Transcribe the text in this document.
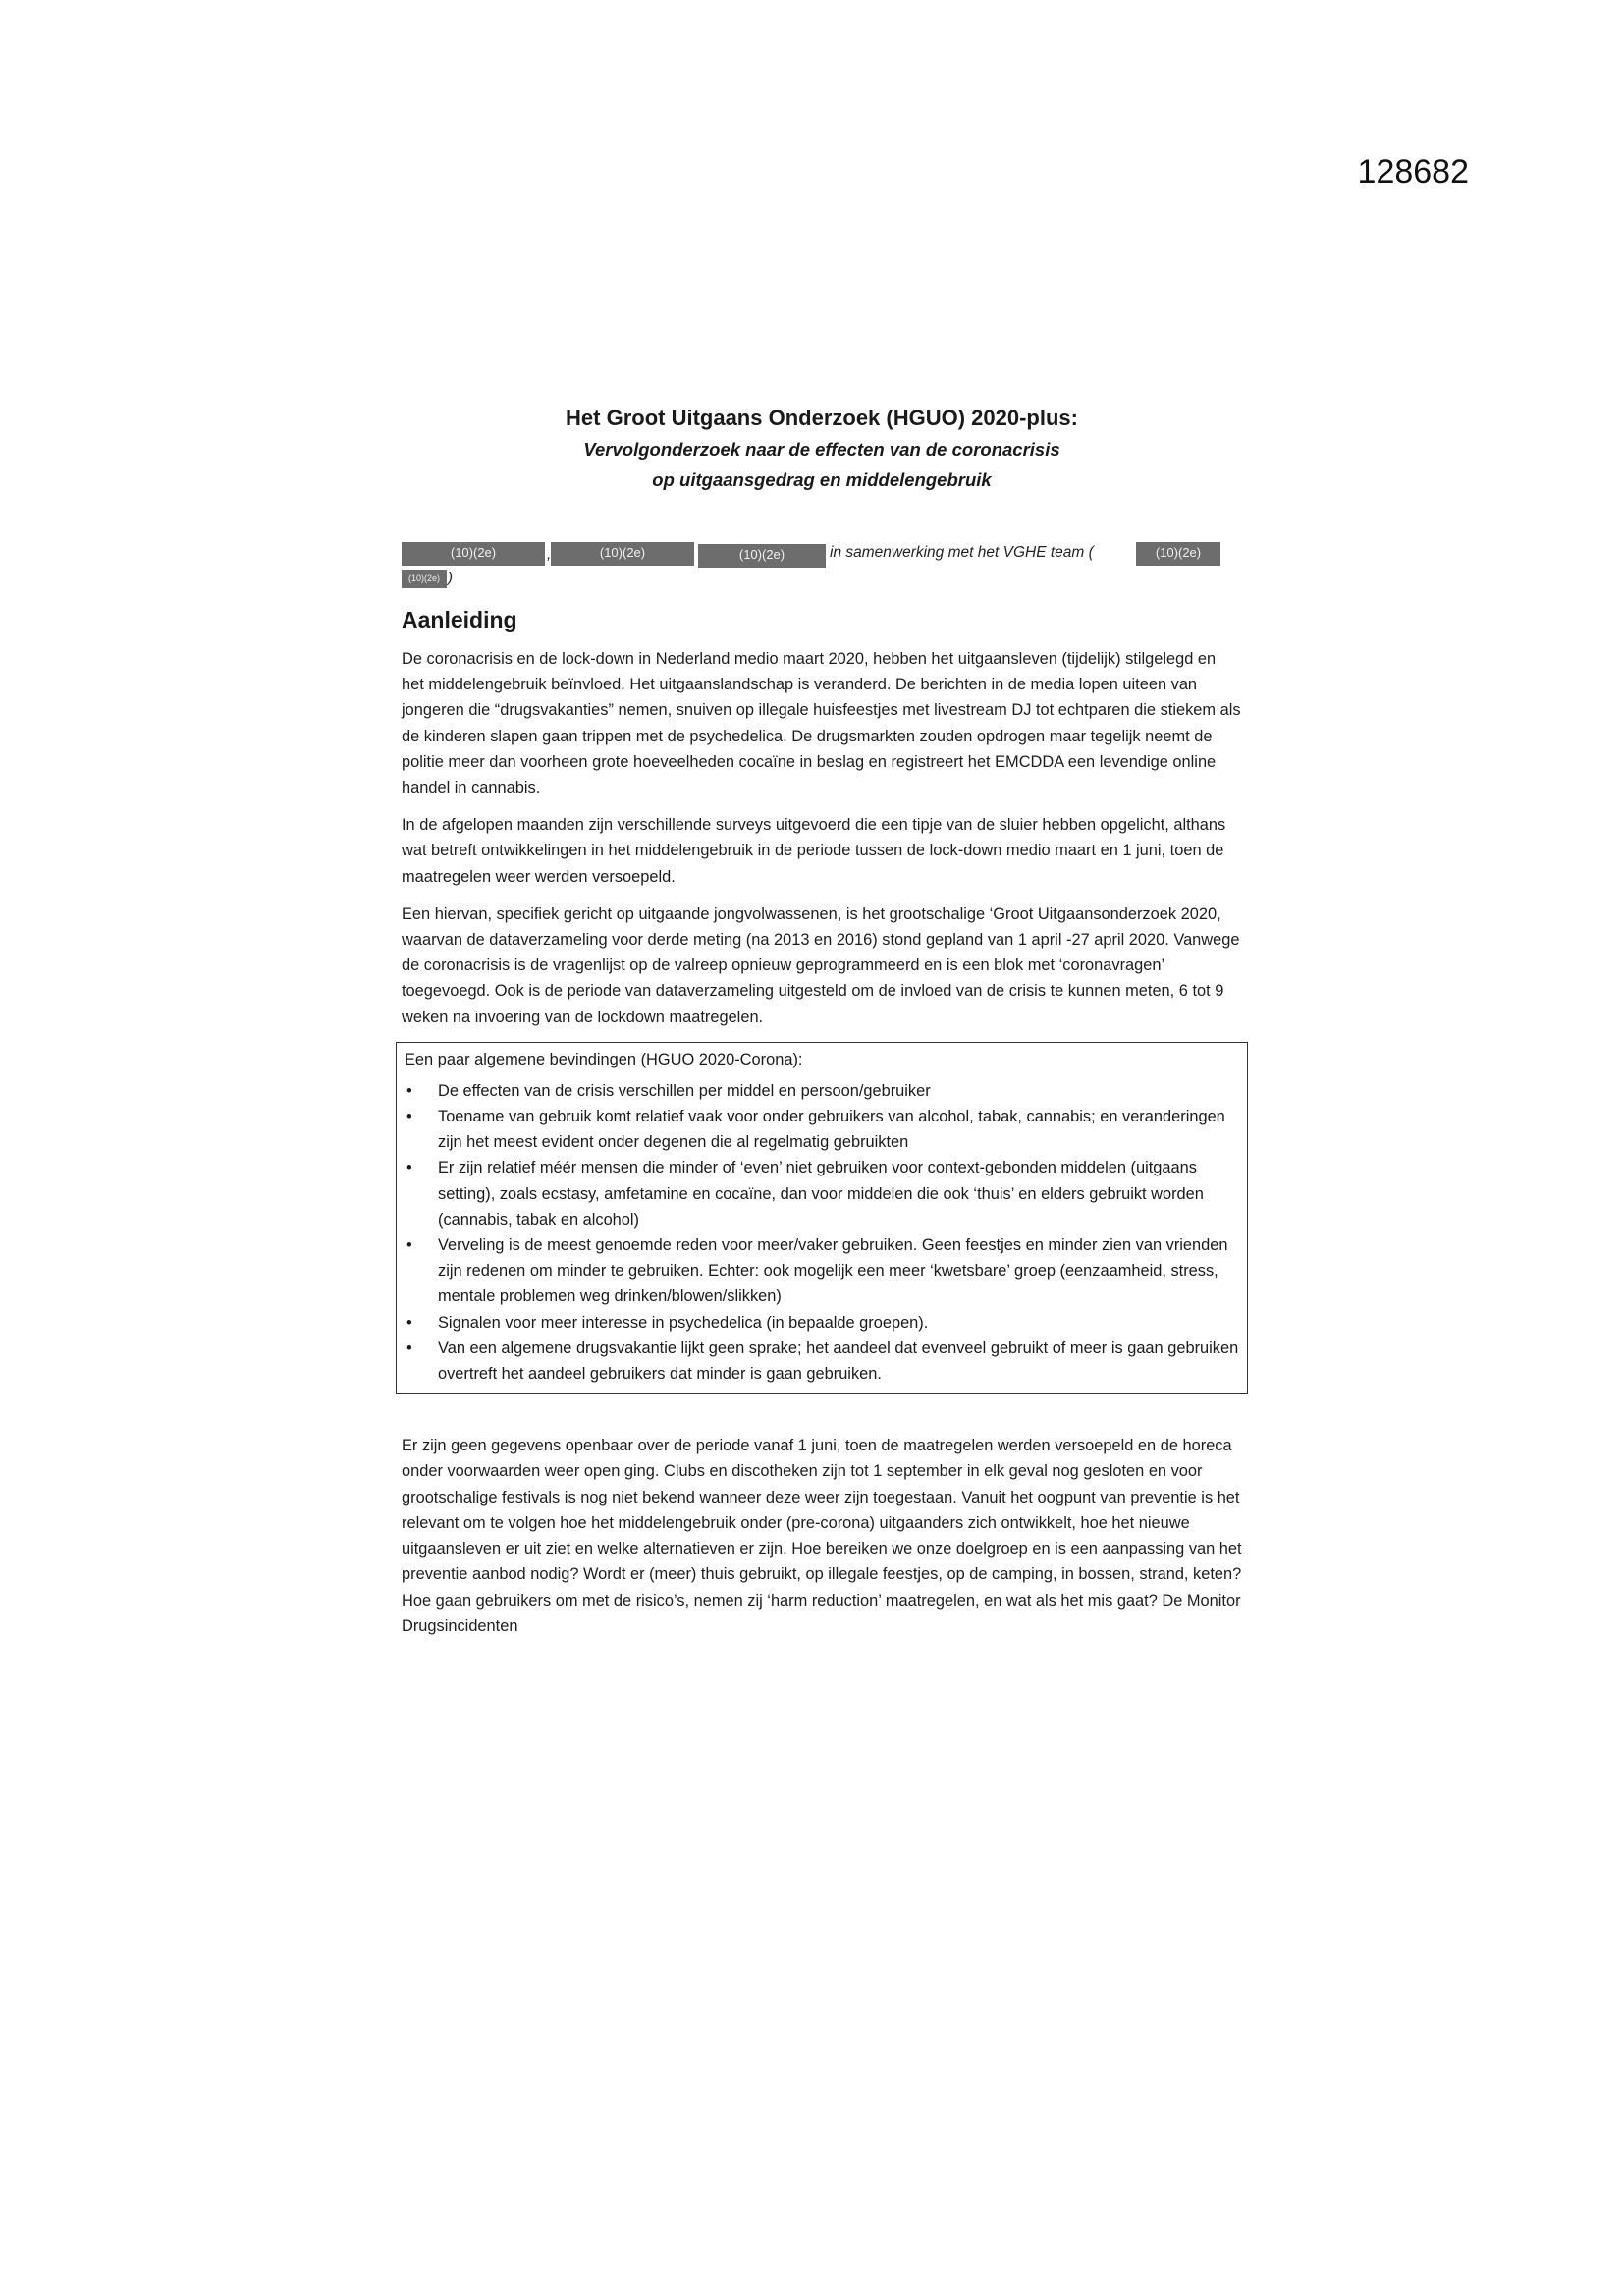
128682
Het Groot Uitgaans Onderzoek (HGUO) 2020-plus:

Vervolgonderzoek naar de effecten van de coronacrisis

op uitgaansgedrag en middelengebruik

(10)(2e)	,	(10)(2e)	(10)(2e)	in samenwerking met het VGHE team (	(10)(2e)
(10)(2e) )
Aanleiding

De coronacrisis en de lock-down in Nederland medio maart 2020, hebben het uitgaansleven (tijdelijk) stilgelegd en het middelengebruik beïnvloed. Het uitgaanslandschap is veranderd. De berichten in de media lopen uiteen van jongeren die “drugsvakanties” nemen, snuiven op illegale huisfeestjes met livestream DJ tot echtparen die stiekem als de kinderen slapen gaan trippen met de psychedelica. De drugsmarkten zouden opdrogen maar tegelijk neemt de politie meer dan voorheen grote hoeveelheden cocaïne in beslag en registreert het EMCDDA een levendige online handel in cannabis.

In de afgelopen maanden zijn verschillende surveys uitgevoerd die een tipje van de sluier hebben opgelicht, althans wat betreft ontwikkelingen in het middelengebruik in de periode tussen de lock-down medio maart en 1 juni, toen de maatregelen weer werden versoepeld.

Een hiervan, specifiek gericht op uitgaande jongvolwassenen, is het grootschalige ‘Groot Uitgaansonderzoek 2020, waarvan de dataverzameling voor derde meting (na 2013 en 2016) stond gepland van 1 april -27 april 2020. Vanwege de coronacrisis is de vragenlijst op de valreep opnieuw geprogrammeerd en is een blok met ‘coronavragen’ toegevoegd. Ook is de periode van dataverzameling uitgesteld om de invloed van de crisis te kunnen meten, 6 tot 9 weken na invoering van de lockdown maatregelen.

Een paar algemene bevindingen (HGUO 2020-Corona):

• De effecten van de crisis verschillen per middel en persoon/gebruiker
• Toename van gebruik komt relatief vaak voor onder gebruikers van alcohol, tabak, cannabis; en veranderingen zijn het meest evident onder degenen die al regelmatig gebruikten
• Er zijn relatief méér mensen die minder of ‘even’ niet gebruiken voor context-gebonden middelen (uitgaans setting), zoals ecstasy, amfetamine en cocaïne, dan voor middelen die ook ‘thuis’ en elders gebruikt worden (cannabis, tabak en alcohol)
• Verveling is de meest genoemde reden voor meer/vaker gebruiken. Geen feestjes en minder zien van vrienden zijn redenen om minder te gebruiken. Echter: ook mogelijk een meer ‘kwetsbare’ groep (eenzaamheid, stress, mentale problemen weg drinken/blowen/slikken)
• Signalen voor meer interesse in psychedelica (in bepaalde groepen).
• Van een algemene drugsvakantie lijkt geen sprake; het aandeel dat evenveel gebruikt of meer is gaan gebruiken overtreft het aandeel gebruikers dat minder is gaan gebruiken.

Er zijn geen gegevens openbaar over de periode vanaf 1 juni, toen de maatregelen werden versoepeld en de horeca onder voorwaarden weer open ging. Clubs en discotheken zijn tot 1 september in elk geval nog gesloten en voor grootschalige festivals is nog niet bekend wanneer deze weer zijn toegestaan. Vanuit het oogpunt van preventie is het relevant om te volgen hoe het middelengebruik onder (pre-corona) uitgaanders zich ontwikkelt, hoe het nieuwe uitgaansleven er uit ziet en welke alternatieven er zijn. Hoe bereiken we onze doelgroep en is een aanpassing van het preventie aanbod nodig? Wordt er (meer) thuis gebruikt, op illegale feestjes, op de camping, in bossen, strand, keten? Hoe gaan gebruikers om met de risico’s, nemen zij ‘harm reduction’ maatregelen, en wat als het mis gaat? De Monitor Drugsincidenten
